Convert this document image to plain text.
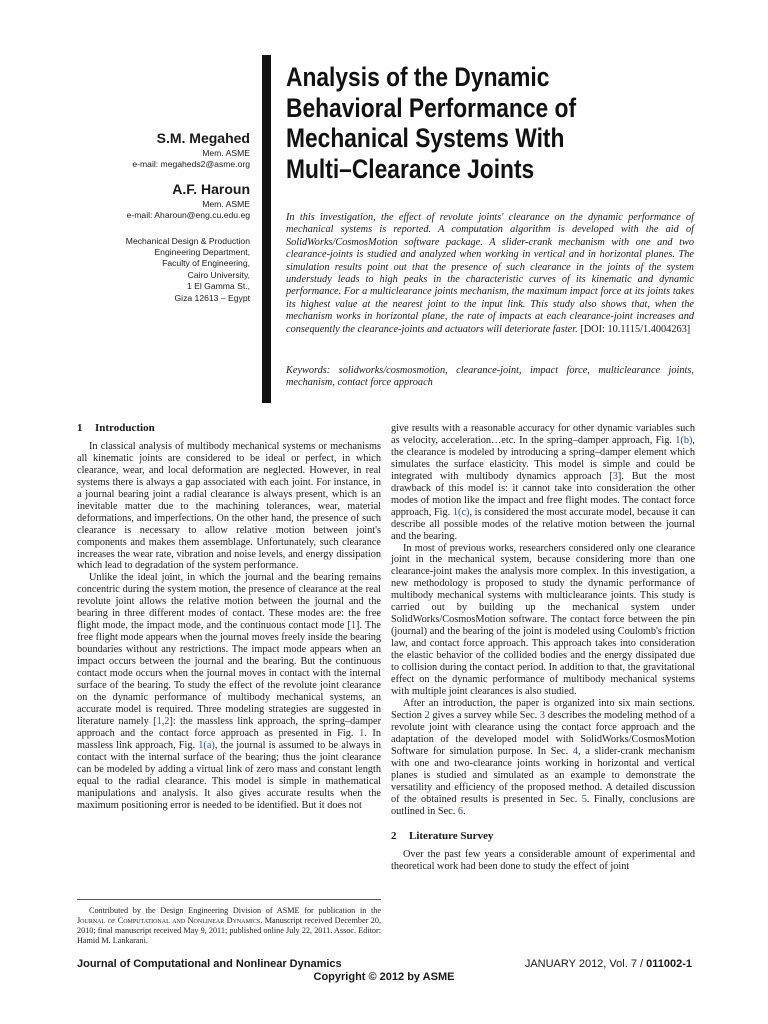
S.M. Megahed
Mem. ASME
e-mail: megaheds2@asme.org
A.F. Haroun
Mem. ASME
e-mail: Aharoun@eng.cu.edu.eg
Mechanical Design & Production
Engineering Department,
Faculty of Engineering,
Cairo University,
1 El Gamma St.,
Giza 12613 – Egypt
Analysis of the Dynamic
Behavioral Performance of
Mechanical Systems With
Multi–Clearance Joints

In this investigation, the effect of revolute joints' clearance on the dynamic performance of mechanical systems is reported. A computation algorithm is developed with the aid of SolidWorks/CosmosMotion software package. A slider-crank mechanism with one and two clearance-joints is studied and analyzed when working in vertical and in horizontal planes. The simulation results point out that the presence of such clearance in the joints of the system understudy leads to high peaks in the characteristic curves of its kinematic and dynamic performance. For a multiclearance joints mechanism, the maximum impact force at its joints takes its highest value at the nearest joint to the input link. This study also shows that, when the mechanism works in horizontal plane, the rate of impacts at each clearance-joint increases and consequently the clearance-joints and actuators will deteriorate faster. [DOI: 10.1115/1.4004263]

Keywords: solidworks/cosmosmotion, clearance-joint, impact force, multiclearance joints, mechanism, contact force approach

1 Introduction

In classical analysis of multibody mechanical systems or mechanisms all kinematic joints are considered to be ideal or perfect, in which clearance, wear, and local deformation are neglected. However, in real systems there is always a gap associated with each joint. For instance, in a journal bearing joint a radial clearance is always present, which is an inevitable matter due to the machining tolerances, wear, material deformations, and imperfections. On the other hand, the presence of such clearance is necessary to allow relative motion between joint's components and makes them assemblage. Unfortunately, such clearance increases the wear rate, vibration and noise levels, and energy dissipation which lead to degradation of the system performance.

Unlike the ideal joint, in which the journal and the bearing remains concentric during the system motion, the presence of clearance at the real revolute joint allows the relative motion between the journal and the bearing in three different modes of contact. These modes are: the free flight mode, the impact mode, and the continuous contact mode [1]. The free flight mode appears when the journal moves freely inside the bearing boundaries without any restrictions. The impact mode appears when an impact occurs between the journal and the bearing. But the continuous contact mode occurs when the journal moves in contact with the internal surface of the bearing. To study the effect of the revolute joint clearance on the dynamic performance of multibody mechanical systems, an accurate model is required. Three modeling strategies are suggested in literature namely [1,2]: the massless link approach, the spring–damper approach and the contact force approach as presented in Fig. 1. In massless link approach, Fig. 1(a), the journal is assumed to be always in contact with the internal surface of the bearing; thus the joint clearance can be modeled by adding a virtual link of zero mass and constant length equal to the radial clearance. This model is simple in mathematical manipulations and analysis. It also gives accurate results when the maximum positioning error is needed to be identified. But it does not

give results with a reasonable accuracy for other dynamic variables such as velocity, acceleration…etc. In the spring–damper approach, Fig. 1(b), the clearance is modeled by introducing a spring–damper element which simulates the surface elasticity. This model is simple and could be integrated with multibody dynamics approach [3]. But the most drawback of this model is: it cannot take into consideration the other modes of motion like the impact and free flight modes. The contact force approach, Fig. 1(c), is considered the most accurate model, because it can describe all possible modes of the relative motion between the journal and the bearing.

In most of previous works, researchers considered only one clearance joint in the mechanical system, because considering more than one clearance-joint makes the analysis more complex. In this investigation, a new methodology is proposed to study the dynamic performance of multibody mechanical systems with multiclearance joints. This study is carried out by building up the mechanical system under SolidWorks/CosmosMotion software. The contact force between the pin (journal) and the bearing of the joint is modeled using Coulomb's friction law, and contact force approach. This approach takes into consideration the elastic behavior of the collided bodies and the energy dissipated due to collision during the contact period. In addition to that, the gravitational effect on the dynamic performance of multibody mechanical systems with multiple joint clearances is also studied.

After an introduction, the paper is organized into six main sections. Section 2 gives a survey while Sec. 3 describes the modeling method of a revolute joint with clearance using the contact force approach and the adaptation of the developed model with SolidWorks/CosmosMotion Software for simulation purpose. In Sec. 4, a slider-crank mechanism with one and two-clearance joints working in horizontal and vertical planes is studied and simulated as an example to demonstrate the versatility and efficiency of the proposed method. A detailed discussion of the obtained results is presented in Sec. 5. Finally, conclusions are outlined in Sec. 6.

2 Literature Survey

Over the past few years a considerable amount of experimental and theoretical work had been done to study the effect of joint

Contributed by the Design Engineering Division of ASME for publication in the Journal of Computational and Nonlinear Dynamics. Manuscript received December 20, 2010; final manuscript received May 9, 2011; published online July 22, 2011. Assoc. Editor: Hamid M. Lankarani.

Journal of Computational and Nonlinear Dynamics	JANUARY 2012, Vol. 7 / 011002-1
Copyright © 2012 by ASME
